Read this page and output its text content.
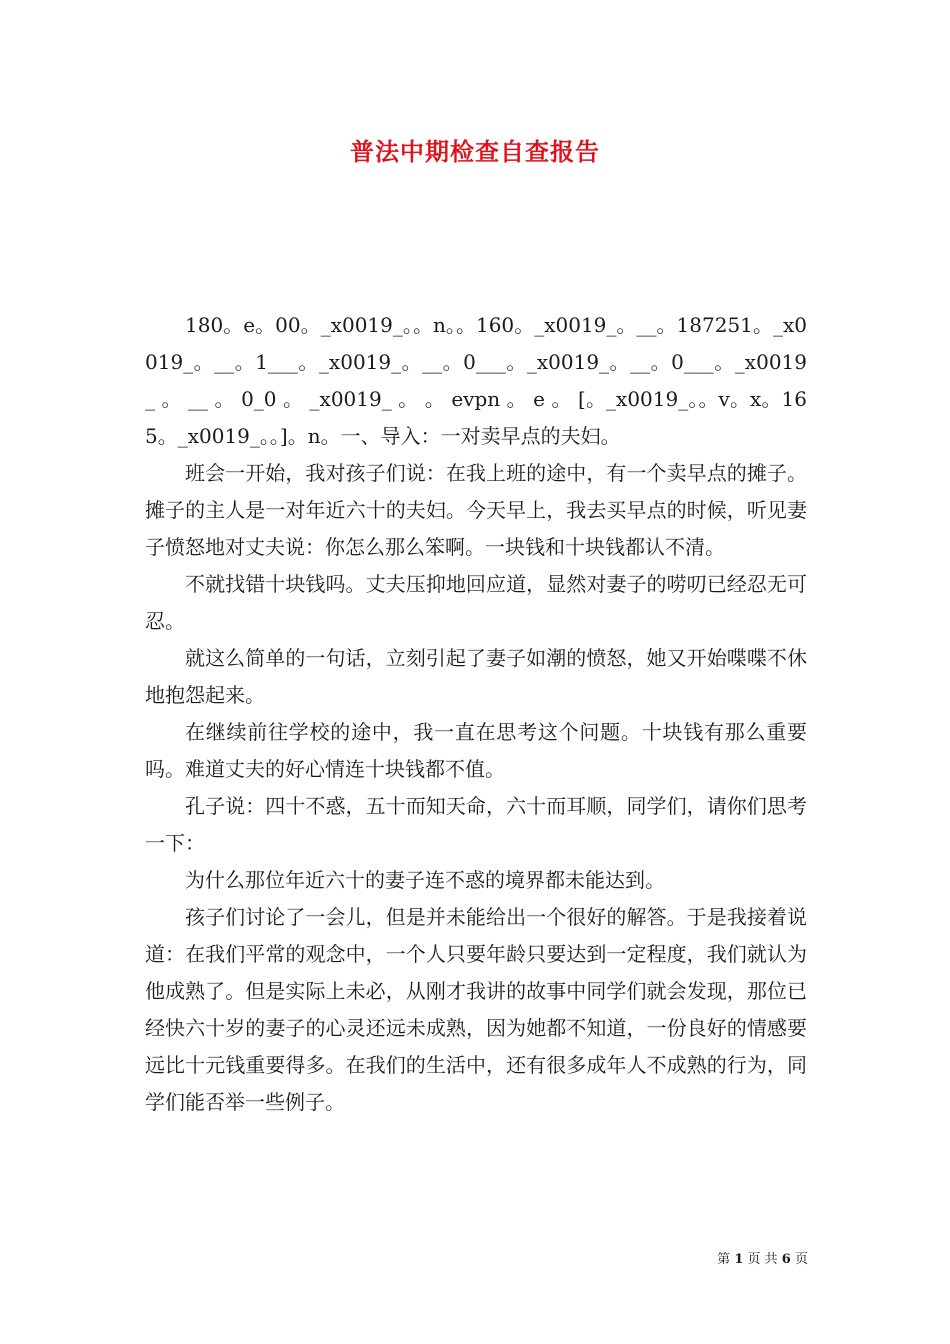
普法中期检查自查报告

180。e。00。_x0019_。。n。。160。_x0019_。__。187251。_x0019_。__。1___。_x0019_。__。0___。_x0019_。__。0___。_x0019_ 。 __ 。 0_0 。 _x0019_ 。 。 evpn 。 e 。 [。_x0019_。。v。x。165。_x0019_。。]。n。一、导入：一对卖早点的夫妇。

班会一开始，我对孩子们说：在我上班的途中，有一个卖早点的摊子。摊子的主人是一对年近六十的夫妇。今天早上，我去买早点的时候，听见妻子愤怒地对丈夫说：你怎么那么笨啊。一块钱和十块钱都认不清。

不就找错十块钱吗。丈夫压抑地回应道，显然对妻子的唠叨已经忍无可忍。

就这么简单的一句话，立刻引起了妻子如潮的愤怒，她又开始喋喋不休地抱怨起来。

在继续前往学校的途中，我一直在思考这个问题。十块钱有那么重要吗。难道丈夫的好心情连十块钱都不值。

孔子说：四十不惑，五十而知天命，六十而耳顺，同学们，请你们思考一下：

为什么那位年近六十的妻子连不惑的境界都未能达到。

孩子们讨论了一会儿，但是并未能给出一个很好的解答。于是我接着说道：在我们平常的观念中，一个人只要年龄只要达到一定程度，我们就认为他成熟了。但是实际上未必，从刚才我讲的故事中同学们就会发现，那位已经快六十岁的妻子的心灵还远未成熟，因为她都不知道，一份良好的情感要远比十元钱重要得多。在我们的生活中，还有很多成年人不成熟的行为，同学们能否举一些例子。

第 1 页 共 6 页
